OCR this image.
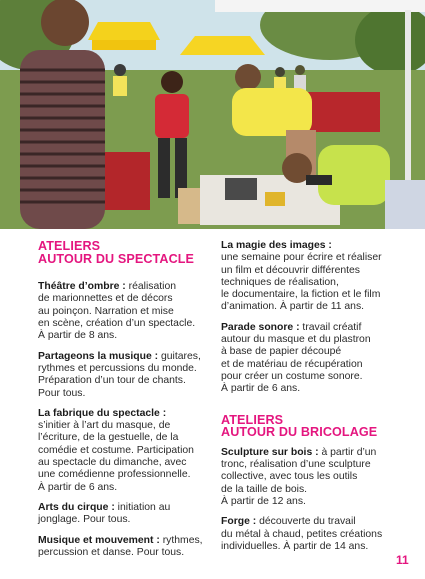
ATELIERS
AUTOUR DU SPECTACLE
Théâtre d’ombre : réalisation
de marionnettes et de décors
au poinçon. Narration et mise
en scène, création d’un spectacle.
À partir de 8 ans.
Partageons la musique : guitares,
rythmes et percussions du monde.
Préparation d’un tour de chants.
Pour tous.
La fabrique du spectacle :
s’initier à l’art du masque, de
l’écriture, de la gestuelle, de la
comédie et costume. Participation
au spectacle du dimanche, avec
une comédienne professionnelle.
À partir de 6 ans.
Arts du cirque : initiation au
jonglage. Pour tous.
Musique et mouvement : rythmes,
percussion et danse. Pour tous.
La magie des images :
une semaine pour écrire et réaliser
un film et découvrir différentes
techniques de réalisation,
le documentaire, la fiction et le film
d’animation. À partir de 11 ans.
Parade sonore : travail créatif
autour du masque et du plastron
à base de papier découpé
et de matériau de récupération
pour créer un costume sonore.
À partir de 6 ans.
ATELIERS
AUTOUR DU BRICOLAGE
Sculpture sur bois : à partir d’un
tronc, réalisation d’une sculpture
collective, avec tous les outils
de la taille de bois.
À partir de 12 ans.
Forge : découverte du travail
du métal à chaud, petites créations
individuelles. À partir de 14 ans.
11
